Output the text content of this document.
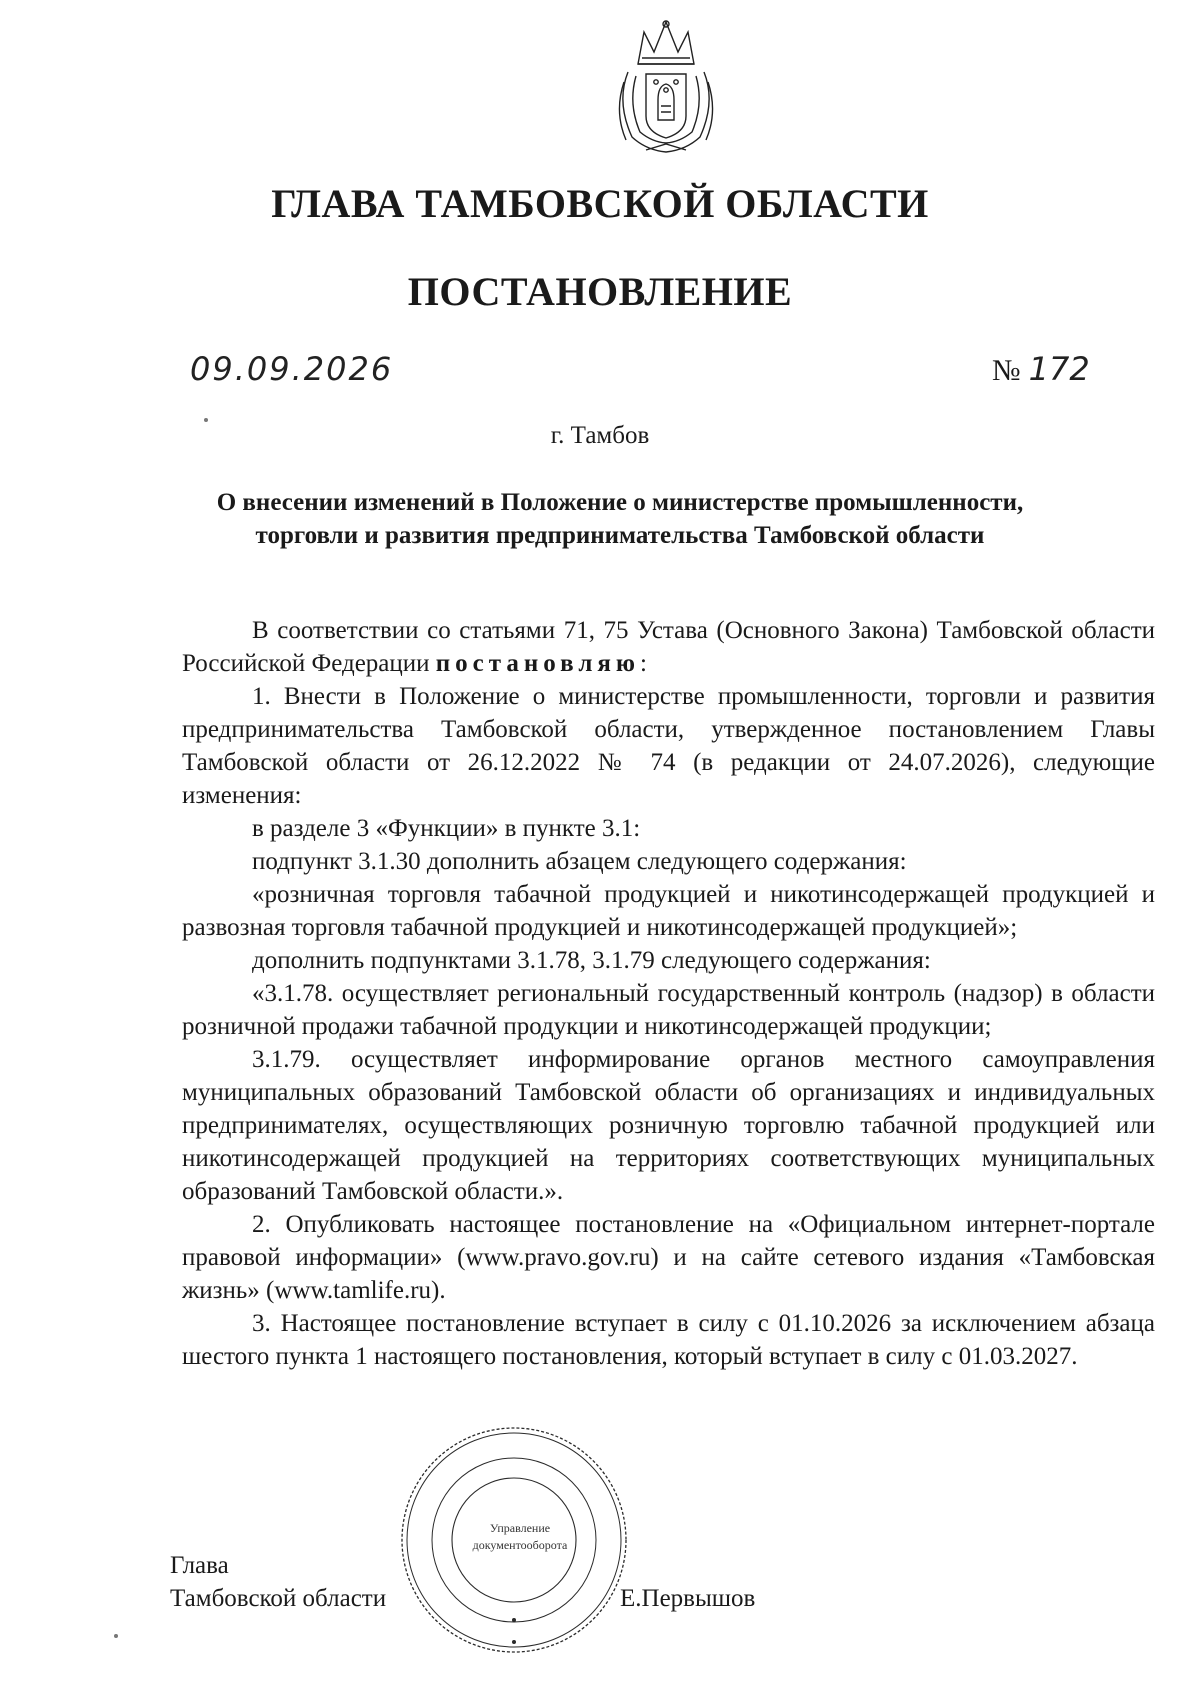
ГЛАВА ТАМБОВСКОЙ ОБЛАСТИ
ПОСТАНОВЛЕНИЕ
09.09.2026	№ 172
г. Тамбов
О внесении изменений в Положение о министерстве промышленности,
торговли и развития предпринимательства Тамбовской области

В соответствии со статьями 71, 75 Устава (Основного Закона) Тамбовской области Российской Федерации постановляю:

1. Внести в Положение о министерстве промышленности, торговли и развития предпринимательства Тамбовской области, утвержденное постановлением Главы Тамбовской области от 26.12.2022 № 74 (в редакции от 24.07.2026), следующие изменения:

в разделе 3 «Функции» в пункте 3.1:

подпункт 3.1.30 дополнить абзацем следующего содержания:

«розничная торговля табачной продукцией и никотинсодержащей продукцией и развозная торговля табачной продукцией и никотинсодержащей продукцией»;

дополнить подпунктами 3.1.78, 3.1.79 следующего содержания:

«3.1.78. осуществляет региональный государственный контроль (надзор) в области розничной продажи табачной продукции и никотинсодержащей продукции;

3.1.79. осуществляет информирование органов местного самоуправления муниципальных образований Тамбовской области об организациях и индивидуальных предпринимателях, осуществляющих розничную торговлю табачной продукцией или никотинсодержащей продукцией на территориях соответствующих муниципальных образований Тамбовской области.».

2. Опубликовать настоящее постановление на «Официальном интернет-портале правовой информации» (www.pravo.gov.ru) и на сайте сетевого издания «Тамбовская жизнь» (www.tamlife.ru).

3. Настоящее постановление вступает в силу с 01.10.2026 за исключением абзаца шестого пункта 1 настоящего постановления, который вступает в силу с 01.03.2027.

Глава
Тамбовской области	Е.Первышов
Управление
документооборота
